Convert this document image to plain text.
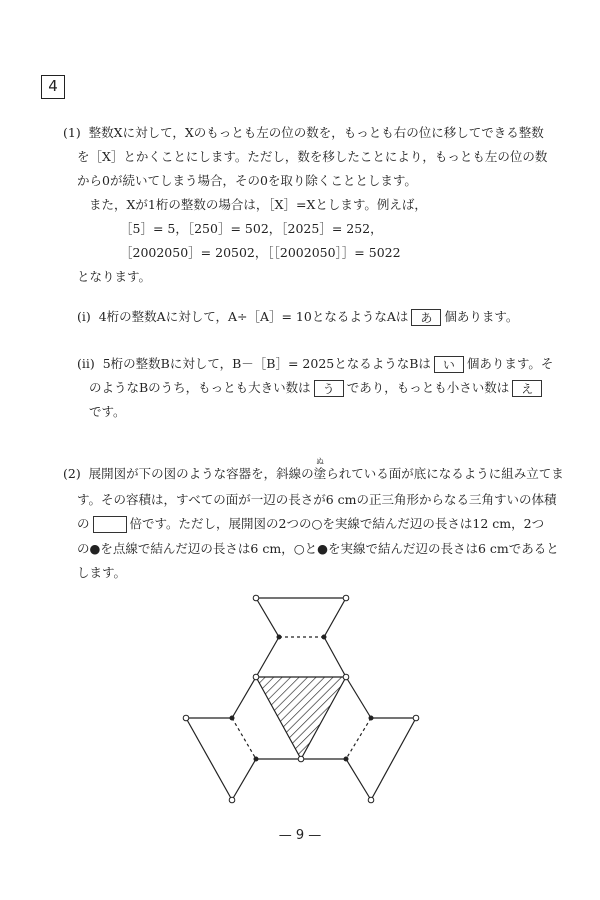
4
(1) 整数Xに対して，Xのもっとも左の位の数を，もっとも右の位に移してできる整数
を［X］とかくことにします。ただし，数を移したことにより，もっとも左の位の数
から0が続いてしまう場合，その0を取り除くこととします。
また，Xが1桁の整数の場合は，［X］=Xとします。例えば，
［5］= 5，［250］= 502，［2025］= 252，
［2002050］= 20502，［［2002050］］= 5022
となります。
(i) 4桁の整数Aに対して，A÷［A］= 10となるようなAは あ 個あります。
(ii) 5桁の整数Bに対して，B－［B］= 2025となるようなBは い 個あります。そ
のようなBのうち，もっとも大きい数は う であり，もっとも小さい数は え
です。
(2) 展開図が下の図のような容器を，斜線の
ぬ
塗られている面が底になるように組み立てま
す。その容積は，すべての面が一辺の長さが6 cmの正三角形からなる三角すいの体積
の	倍です。ただし，展開図の2つの○を実線で結んだ辺の長さは12 cm，2つ
の●を点線で結んだ辺の長さは6 cm，○と●を実線で結んだ辺の長さは6 cmであると
します。
— 9 —
